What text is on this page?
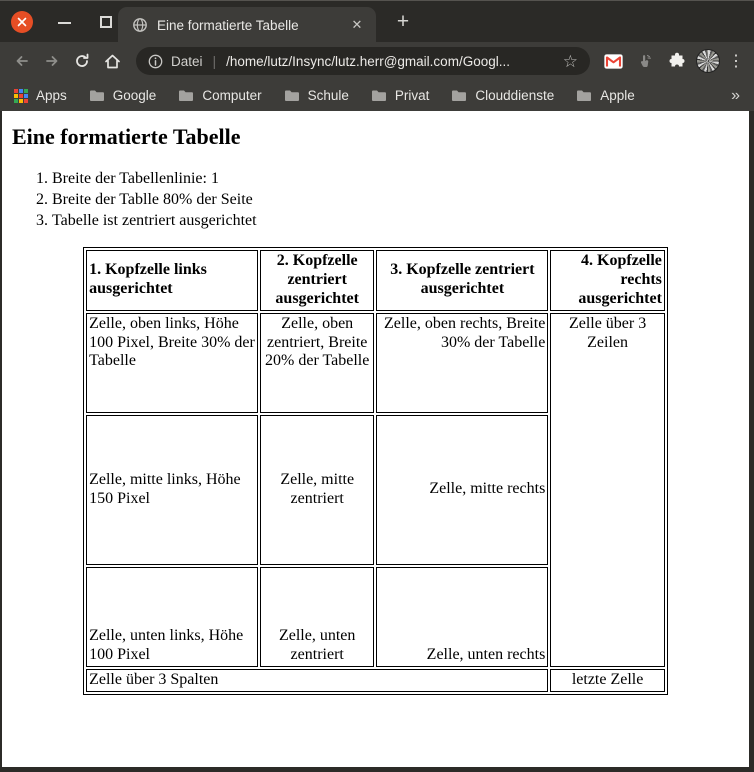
Eine formatierte Tabelle	✕	+
Datei | /home/lutz/Insync/lutz.herr@gmail.com/Googl...	☆	⋮
Apps	Google	Computer	Schule	Privat	Clouddienste	Apple	»
Eine formatierte Tabelle
1. Breite der Tabellenlinie: 1
2. Breite der Tablle 80% der Seite
3. Tabelle ist zentriert ausgerichtet
1. Kopfzelle links ausgerichtet	2. Kopfzelle zentriert ausgerichtet	3. Kopfzelle zentriert ausgerichtet	4. Kopfzelle rechts ausgerichtet
Zelle, oben links, Höhe 100 Pixel, Breite 30% der Tabelle	Zelle, oben zentriert, Breite 20% der Tabelle	Zelle, oben rechts, Breite 30% der Tabelle	Zelle über 3 Zeilen
Zelle, mitte links, Höhe 150 Pixel	Zelle, mitte zentriert	Zelle, mitte rechts	
Zelle, unten links, Höhe 100 Pixel	Zelle, unten zentriert	Zelle, unten rechts	
Zelle über 3 Spalten			letzte Zelle
